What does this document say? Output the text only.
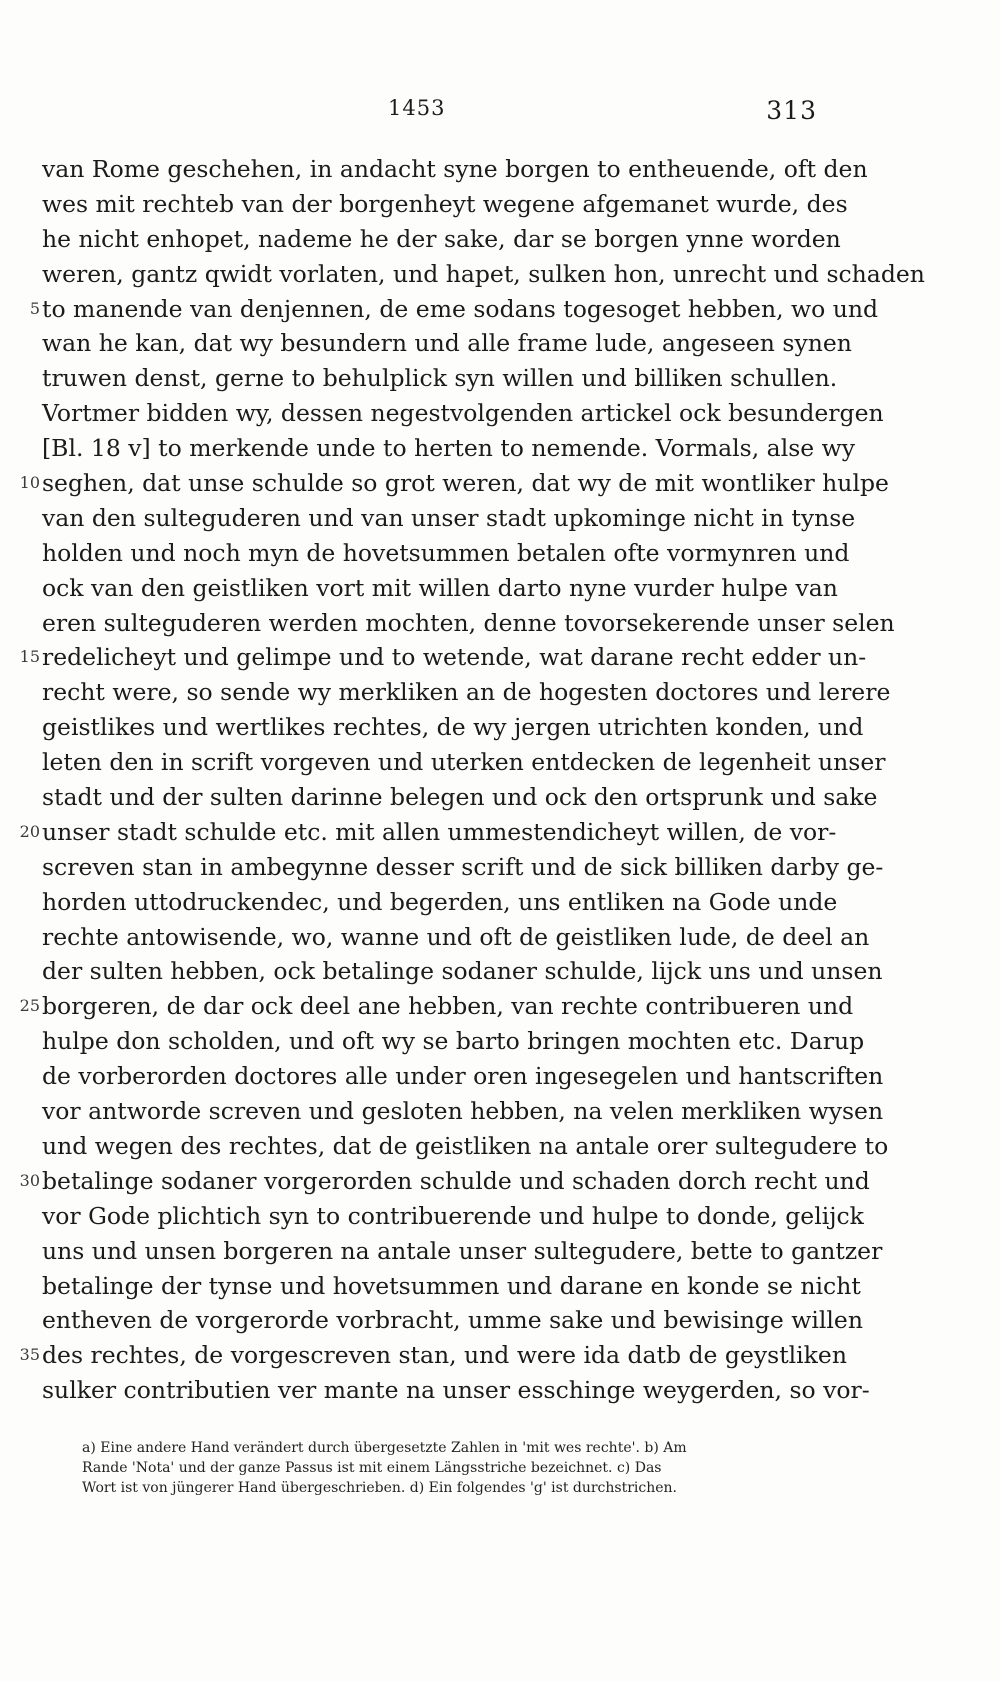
1453	313
van Rome geschehen, in andacht syne borgen to entheuende, oft den
wes mit rechteb van der borgenheyt wegene afgemanet wurde, des
he nicht enhopet, nademe he der sake, dar se borgen ynne worden
weren, gantz qwidt vorlaten, und hapet, sulken hon, unrecht und schaden
5 to manende van denjennen, de eme sodans togesoget hebben, wo und
wan he kan, dat wy besundern und alle frame lude, angeseen synen
truwen denst, gerne to behulplick syn willen und billiken schullen.
Vortmer bidden wy, dessen negestvolgenden artickel ock besundergen
[Bl. 18 v] to merkende unde to herten to nemende. Vormals, alse wy
10 seghen, dat unse schulde so grot weren, dat wy de mit wontliker hulpe
van den sulteguderen und van unser stadt upkominge nicht in tynse
holden und noch myn de hovetsummen betalen ofte vormynren und
ock van den geistliken vort mit willen darto nyne vurder hulpe van
eren sulteguderen werden mochten, denne tovorsekerende unser selen
15 redelicheyt und gelimpe und to wetende, wat darane recht edder un-
recht were, so sende wy merkliken an de hogesten doctores und lerere
geistlikes und wertlikes rechtes, de wy jergen utrichten konden, und
leten den in scrift vorgeven und uterken entdecken de legenheit unser
stadt und der sulten darinne belegen und ock den ortsprunk und sake
20 unser stadt schulde etc. mit allen ummestendicheyt willen, de vor-
screven stan in ambegynne desser scrift und de sick billiken darby ge-
horden uttodruckendec, und begerden, uns entliken na Gode unde
rechte antowisende, wo, wanne und oft de geistliken lude, de deel an
der sulten hebben, ock betalinge sodaner schulde, lijck uns und unsen
25 borgeren, de dar ock deel ane hebben, van rechte contribueren und
hulpe don scholden, und oft wy se barto bringen mochten etc. Darup
de vorberorden doctores alle under oren ingesegelen und hantscriften
vor antworde screven und gesloten hebben, na velen merkliken wysen
und wegen des rechtes, dat de geistliken na antale orer sultegudere to
30 betalinge sodaner vorgerorden schulde und schaden dorch recht und
vor Gode plichtich syn to contribuerende und hulpe to donde, gelijck
uns und unsen borgeren na antale unser sultegudere, bette to gantzer
betalinge der tynse und hovetsummen und darane en konde se nicht
entheven de vorgerorde vorbracht, umme sake und bewisinge willen
35 des rechtes, de vorgescreven stan, und were ida datb de geystliken
sulker contributien ver mante na unser esschinge weygerden, so vor-
a) Eine andere Hand verändert durch übergesetzte Zahlen in 'mit wes rechte'. b) Am
Rande 'Nota' und der ganze Passus ist mit einem Längsstriche bezeichnet. c) Das
Wort ist von jüngerer Hand übergeschrieben. d) Ein folgendes 'g' ist durchstrichen.
